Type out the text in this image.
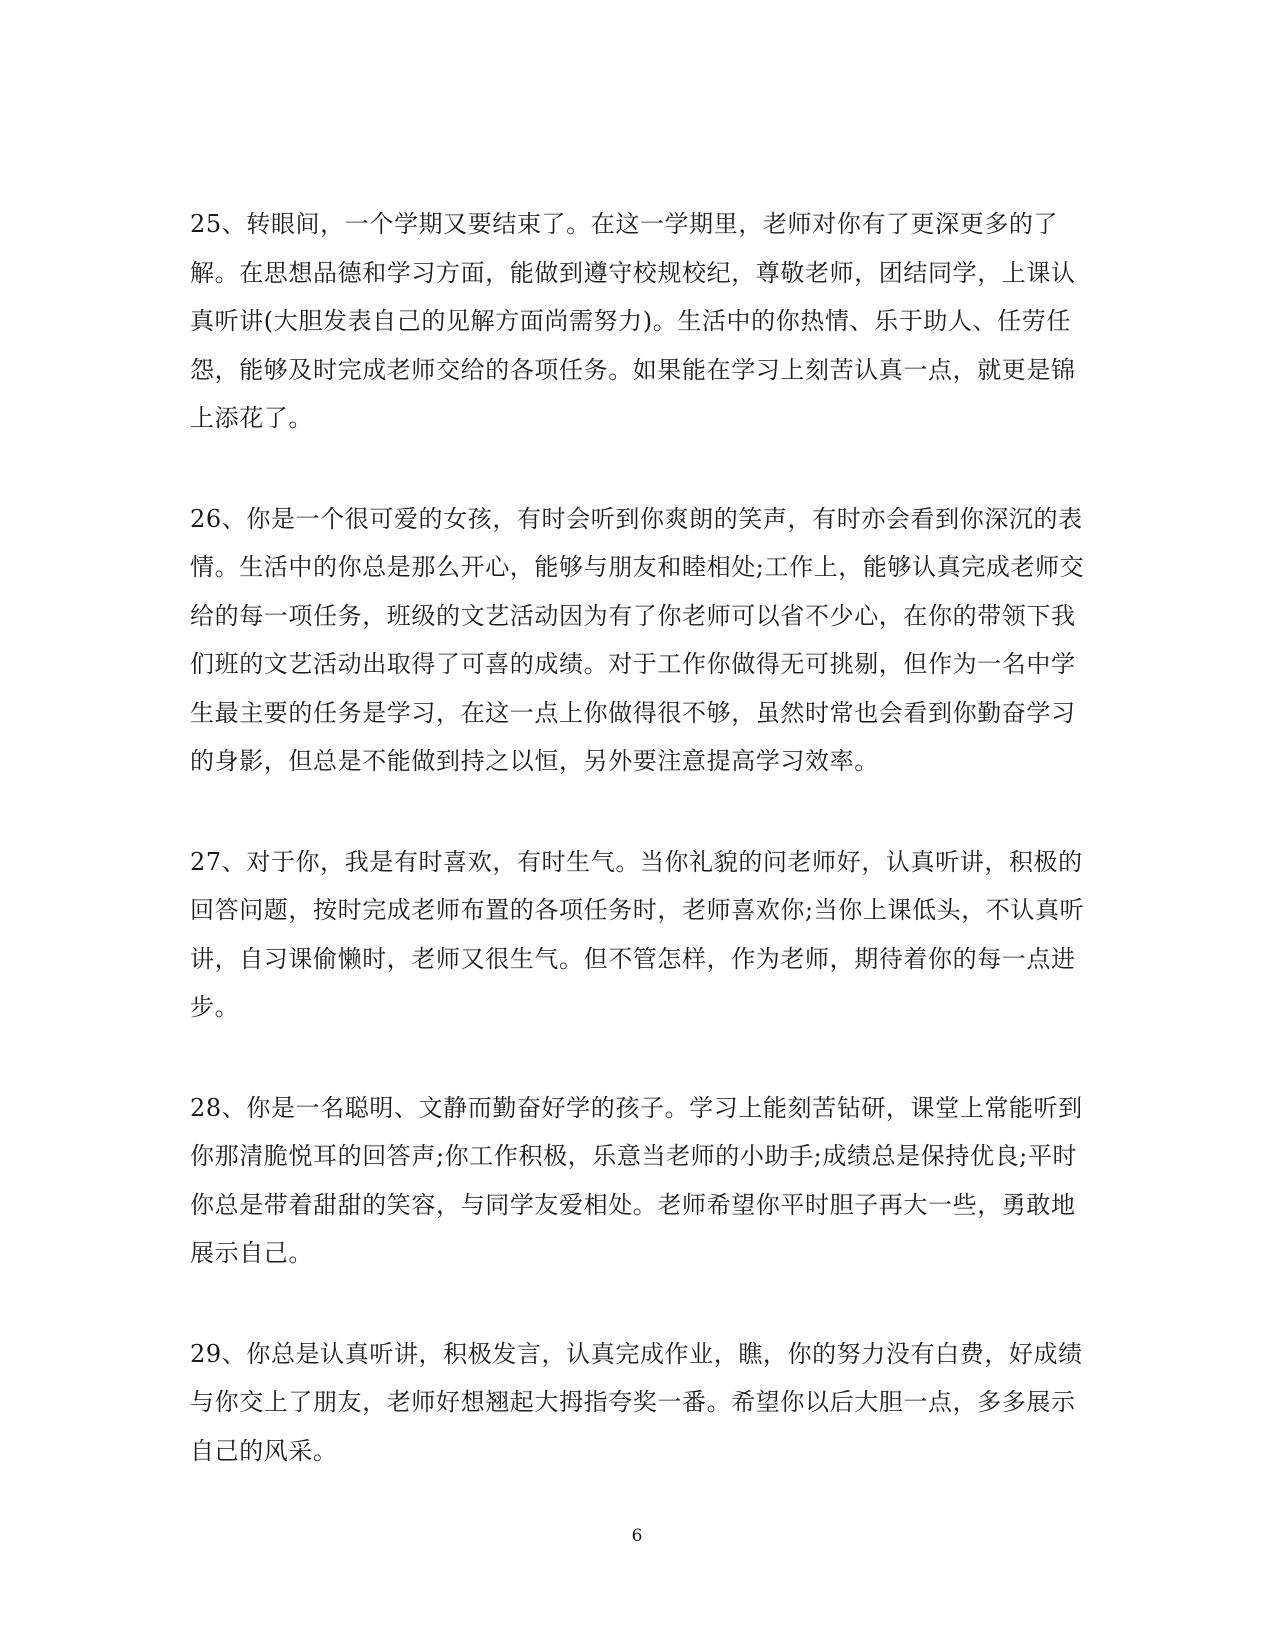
25、转眼间，一个学期又要结束了。在这一学期里，老师对你有了更深更多的了解。在思想品德和学习方面，能做到遵守校规校纪，尊敬老师，团结同学，上课认真听讲(大胆发表自己的见解方面尚需努力)。生活中的你热情、乐于助人、任劳任怨，能够及时完成老师交给的各项任务。如果能在学习上刻苦认真一点，就更是锦上添花了。

26、你是一个很可爱的女孩，有时会听到你爽朗的笑声，有时亦会看到你深沉的表情。生活中的你总是那么开心，能够与朋友和睦相处;工作上，能够认真完成老师交给的每一项任务，班级的文艺活动因为有了你老师可以省不少心，在你的带领下我们班的文艺活动出取得了可喜的成绩。对于工作你做得无可挑剔，但作为一名中学生最主要的任务是学习，在这一点上你做得很不够，虽然时常也会看到你勤奋学习的身影，但总是不能做到持之以恒，另外要注意提高学习效率。

27、对于你，我是有时喜欢，有时生气。当你礼貌的问老师好，认真听讲，积极的回答问题，按时完成老师布置的各项任务时，老师喜欢你;当你上课低头，不认真听讲，自习课偷懒时，老师又很生气。但不管怎样，作为老师，期待着你的每一点进步。

28、你是一名聪明、文静而勤奋好学的孩子。学习上能刻苦钻研，课堂上常能听到你那清脆悦耳的回答声;你工作积极，乐意当老师的小助手;成绩总是保持优良;平时你总是带着甜甜的笑容，与同学友爱相处。老师希望你平时胆子再大一些，勇敢地展示自己。

29、你总是认真听讲，积极发言，认真完成作业，瞧，你的努力没有白费，好成绩与你交上了朋友，老师好想翘起大拇指夸奖一番。希望你以后大胆一点，多多展示自己的风采。

6
